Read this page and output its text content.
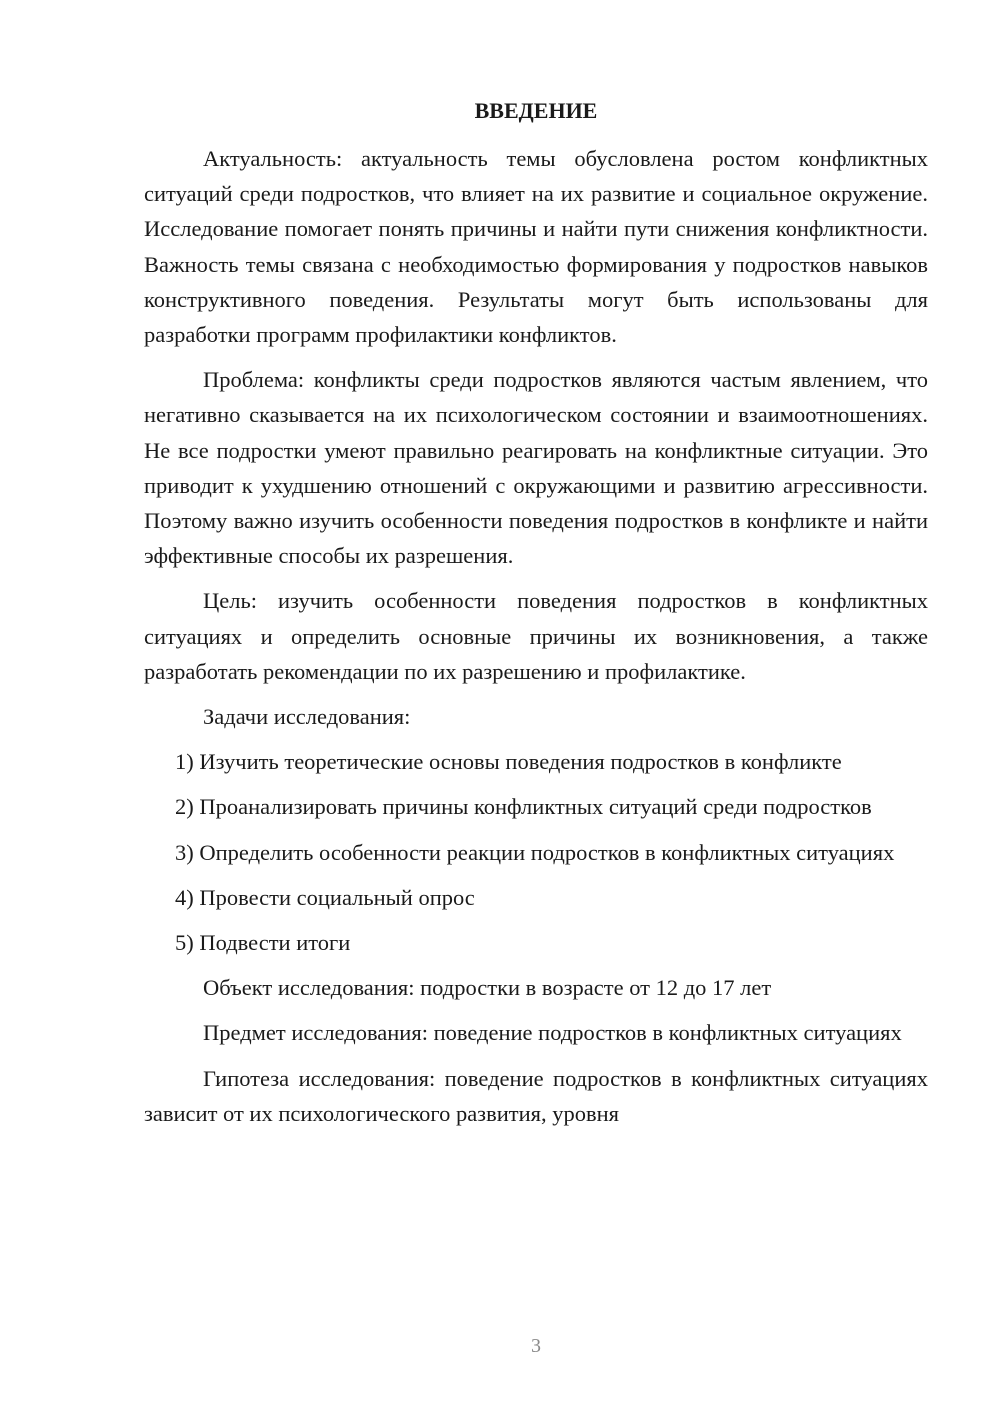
ВВЕДЕНИЕ

Актуальность: актуальность темы обусловлена ростом конфликтных ситуаций среди подростков, что влияет на их развитие и социальное окружение. Исследование помогает понять причины и найти пути снижения конфликтности. Важность темы связана с необходимостью формирования у подростков навыков конструктивного поведения. Результаты могут быть использованы для разработки программ профилактики конфликтов.

Проблема: конфликты среди подростков являются частым явлением, что негативно сказывается на их психологическом состоянии и взаимоотношениях. Не все подростки умеют правильно реагировать на конфликтные ситуации. Это приводит к ухудшению отношений с окружающими и развитию агрессивности. Поэтому важно изучить особенности поведения подростков в конфликте и найти эффективные способы их разрешения.

Цель: изучить особенности поведения подростков в конфликтных ситуациях и определить основные причины их возникновения, а также разработать рекомендации по их разрешению и профилактике.

Задачи исследования:

1) Изучить теоретические основы поведения подростков в конфликте

2) Проанализировать причины конфликтных ситуаций среди подростков

3) Определить особенности реакции подростков в конфликтных ситуациях

4) Провести социальный опрос

5) Подвести итоги

Объект исследования: подростки в возрасте от 12 до 17 лет

Предмет исследования: поведение подростков в конфликтных ситуациях

Гипотеза исследования: поведение подростков в конфликтных ситуациях зависит от их психологического развития, уровня

3
